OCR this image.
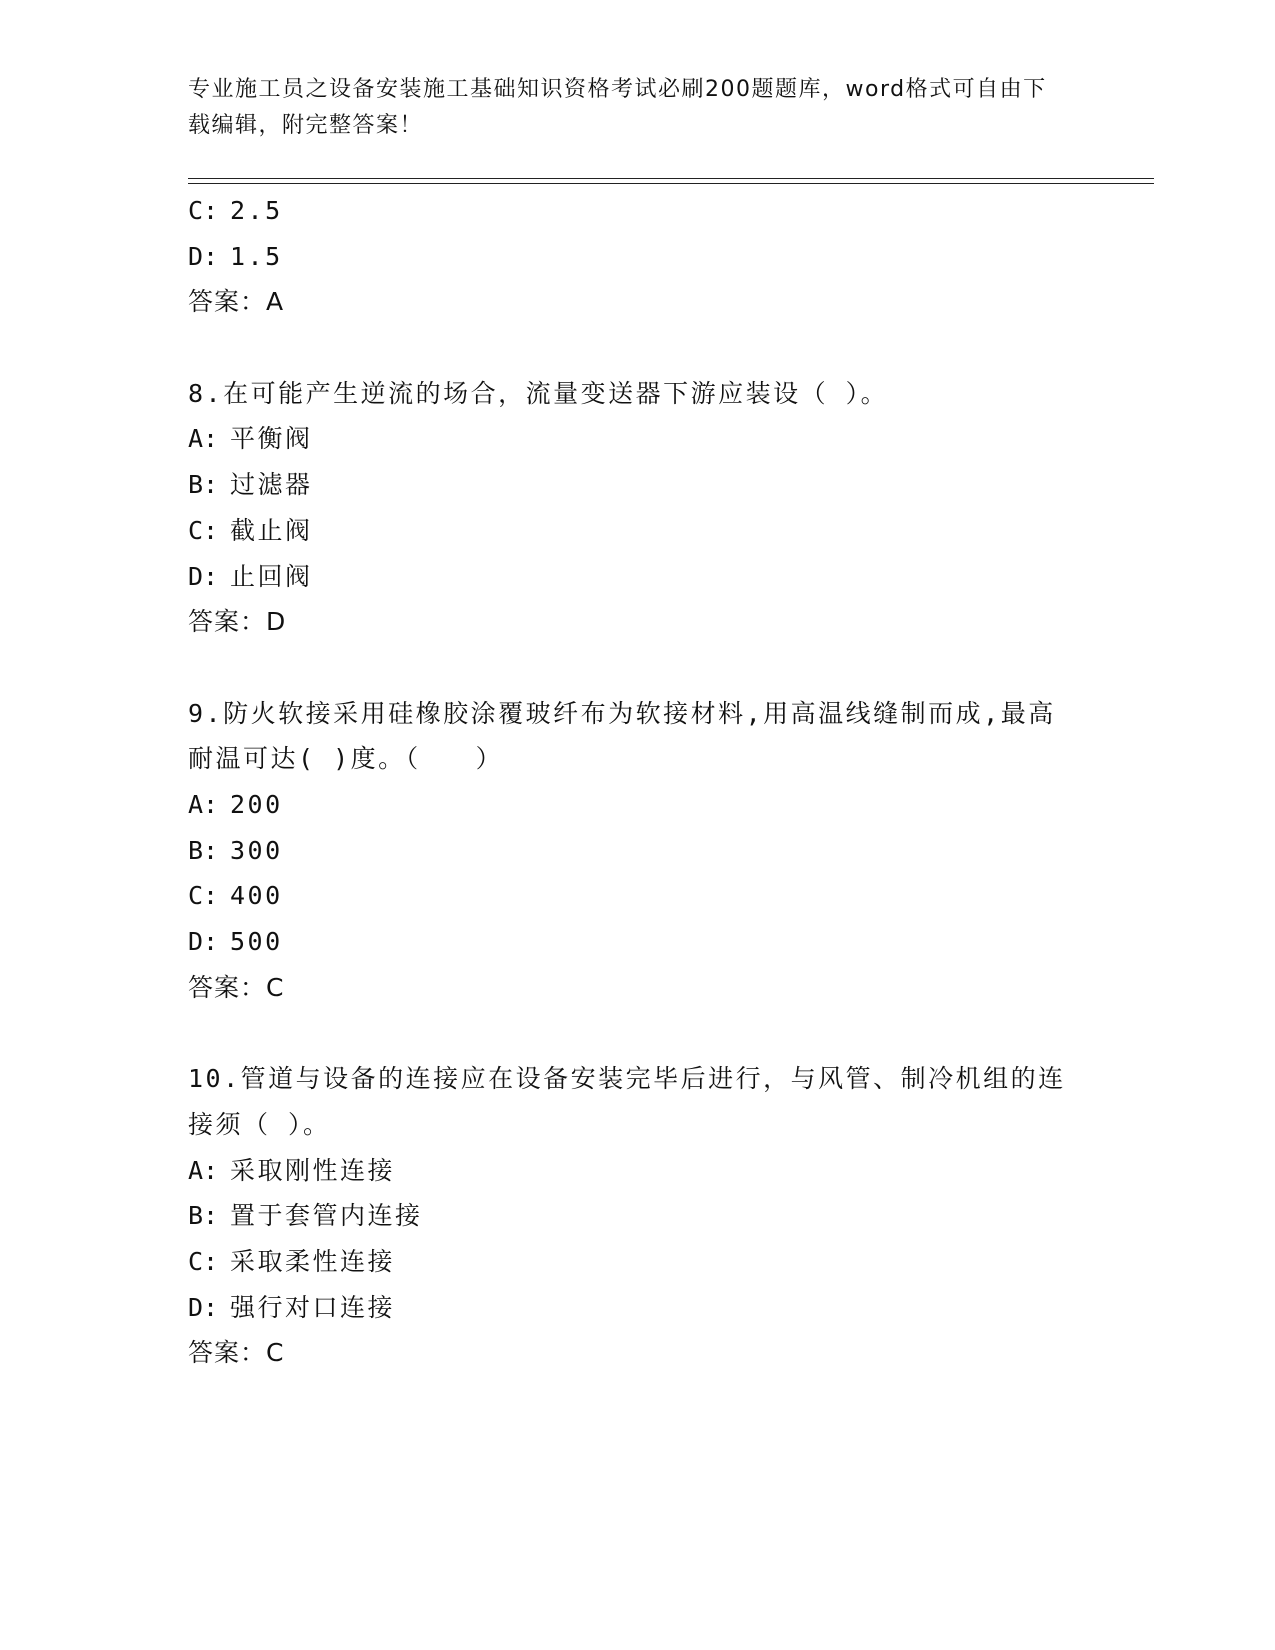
专业施工员之设备安装施工基础知识资格考试必刷200题题库，word格式可自由下载编辑，附完整答案！
C: 2.5
D: 1.5
答案：A
8.在可能产生逆流的场合，流量变送器下游应装设（ ）。
A: 平衡阀
B: 过滤器
C: 截止阀
D: 止回阀
答案：D
9.防火软接采用硅橡胶涂覆玻纤布为软接材料,用高温线缝制而成,最高耐温可达( )度。（　　）
A: 200
B: 300
C: 400
D: 500
答案：C
10.管道与设备的连接应在设备安装完毕后进行，与风管、制冷机组的连接须（ ）。
A: 采取刚性连接
B: 置于套管内连接
C: 采取柔性连接
D: 强行对口连接
答案：C
